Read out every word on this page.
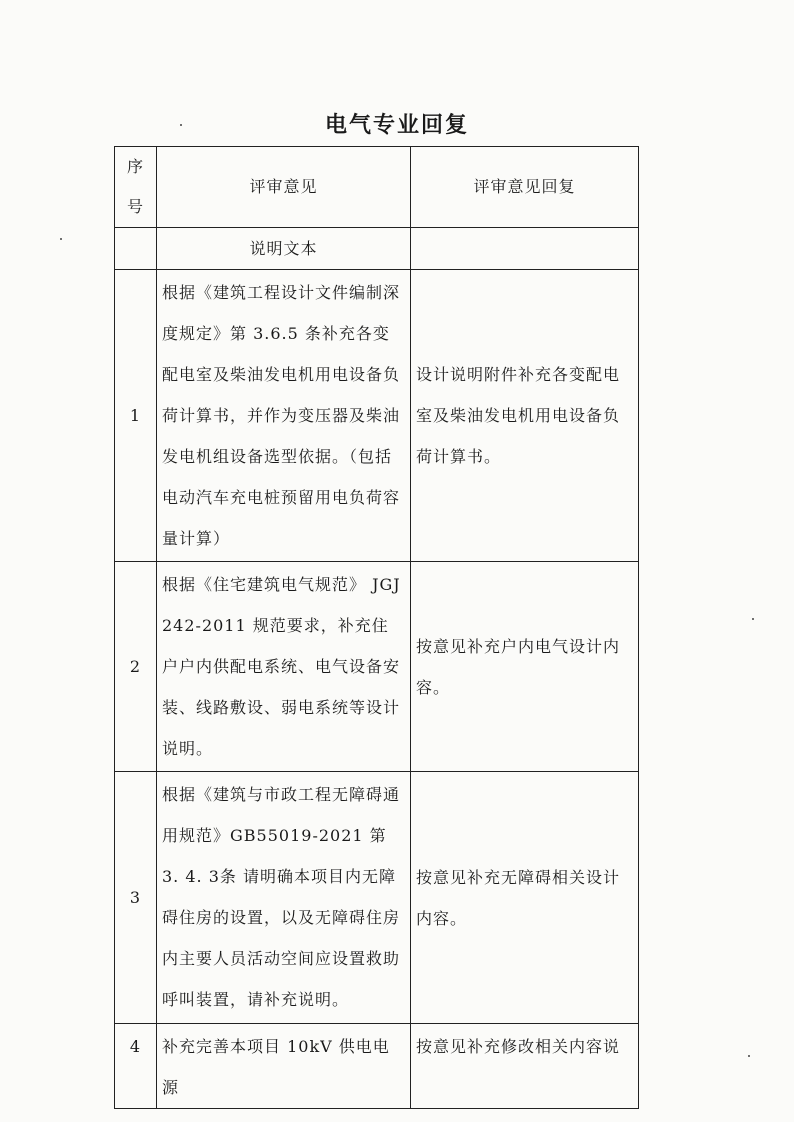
电气专业回复
序号	评审意见	评审意见回复
	说明文本	
1	根据《建筑工程设计文件编制深度规定》第 3.6.5 条补充各变配电室及柴油发电机用电设备负荷计算书，并作为变压器及柴油发电机组设备选型依据。（包括电动汽车充电桩预留用电负荷容量计算）	设计说明附件补充各变配电室及柴油发电机用电设备负荷计算书。
2	根据《住宅建筑电气规范》 JGJ 242-2011 规范要求，补充住户户内供配电系统、电气设备安装、线路敷设、弱电系统等设计说明。	按意见补充户内电气设计内容。
3	根据《建筑与市政工程无障碍通用规范》GB55019-2021 第 3. 4. 3条 请明确本项目内无障碍住房的设置，以及无障碍住房内主要人员活动空间应设置救助呼叫装置，请补充说明。	按意见补充无障碍相关设计内容。
4	补充完善本项目 10kV 供电电源	按意见补充修改相关内容说
